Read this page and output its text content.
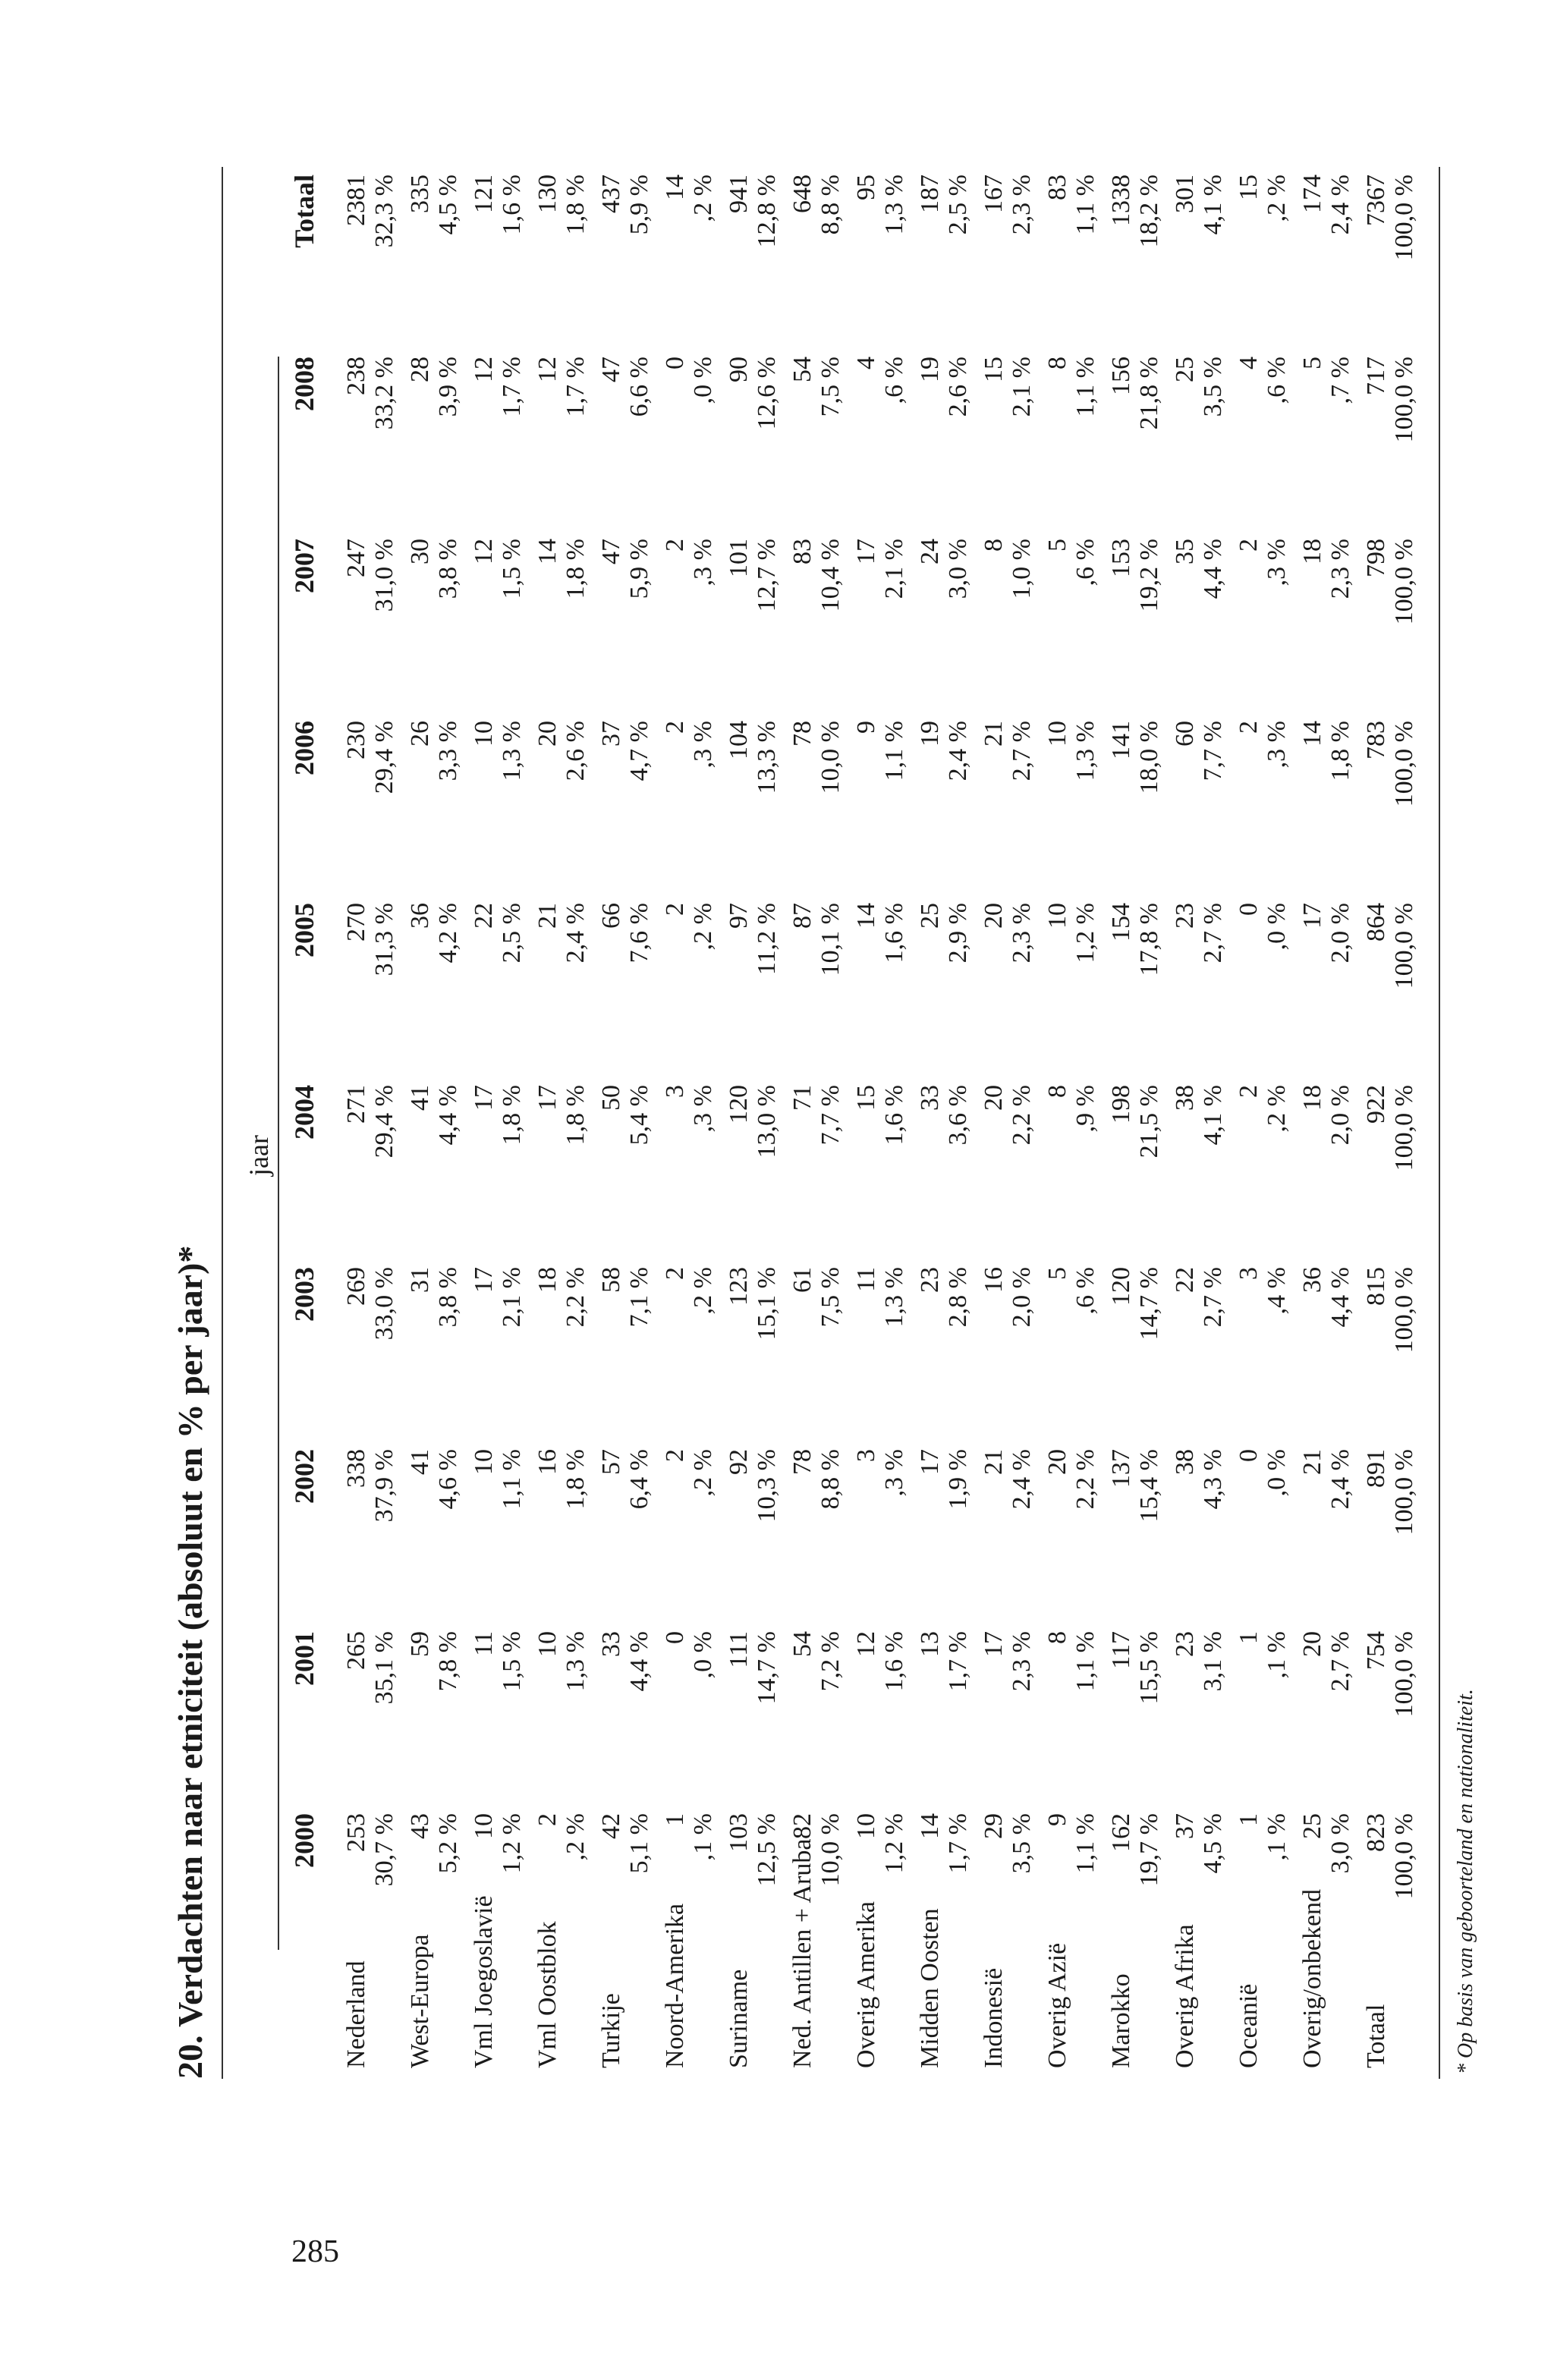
20. Verdachten naar etniciteit (absoluut en % per jaar)*
jaar
2000
2001
2002
2003
2004
2005
2006
2007
2008
Totaal
Nederland
253 30,7 %
265 35,1 %
338 37,9 %
269 33,0 %
271 29,4 %
270 31,3 %
230 29,4 %
247 31,0 %
238 33,2 %
2381 32,3 %
West-Europa
43 5,2 %
59 7,8 %
41 4,6 %
31 3,8 %
41 4,4 %
36 4,2 %
26 3,3 %
30 3,8 %
28 3,9 %
335 4,5 %
Vml Joegoslavië
10 1,2 %
11 1,5 %
10 1,1 %
17 2,1 %
17 1,8 %
22 2,5 %
10 1,3 %
12 1,5 %
12 1,7 %
121 1,6 %
Vml Oostblok
2 ,2 %
10 1,3 %
16 1,8 %
18 2,2 %
17 1,8 %
21 2,4 %
20 2,6 %
14 1,8 %
12 1,7 %
130 1,8 %
Turkije
42 5,1 %
33 4,4 %
57 6,4 %
58 7,1 %
50 5,4 %
66 7,6 %
37 4,7 %
47 5,9 %
47 6,6 %
437 5,9 %
Noord-Amerika
1 ,1 %
0 ,0 %
2 ,2 %
2 ,2 %
3 ,3 %
2 ,2 %
2 ,3 %
2 ,3 %
0 ,0 %
14 ,2 %
Suriname
103 12,5 %
111 14,7 %
92 10,3 %
123 15,1 %
120 13,0 %
97 11,2 %
104 13,3 %
101 12,7 %
90 12,6 %
941 12,8 %
Ned. Antillen + Aruba
82 10,0 %
54 7,2 %
78 8,8 %
61 7,5 %
71 7,7 %
87 10,1 %
78 10,0 %
83 10,4 %
54 7,5 %
648 8,8 %
Overig Amerika
10 1,2 %
12 1,6 %
3 ,3 %
11 1,3 %
15 1,6 %
14 1,6 %
9 1,1 %
17 2,1 %
4 ,6 %
95 1,3 %
Midden Oosten
14 1,7 %
13 1,7 %
17 1,9 %
23 2,8 %
33 3,6 %
25 2,9 %
19 2,4 %
24 3,0 %
19 2,6 %
187 2,5 %
Indonesië
29 3,5 %
17 2,3 %
21 2,4 %
16 2,0 %
20 2,2 %
20 2,3 %
21 2,7 %
8 1,0 %
15 2,1 %
167 2,3 %
Overig Azië
9 1,1 %
8 1,1 %
20 2,2 %
5 ,6 %
8 ,9 %
10 1,2 %
10 1,3 %
5 ,6 %
8 1,1 %
83 1,1 %
Marokko
162 19,7 %
117 15,5 %
137 15,4 %
120 14,7 %
198 21,5 %
154 17,8 %
141 18,0 %
153 19,2 %
156 21,8 %
1338 18,2 %
Overig Afrika
37 4,5 %
23 3,1 %
38 4,3 %
22 2,7 %
38 4,1 %
23 2,7 %
60 7,7 %
35 4,4 %
25 3,5 %
301 4,1 %
Oceanië
1 ,1 %
1 ,1 %
0 ,0 %
3 ,4 %
2 ,2 %
0 ,0 %
2 ,3 %
2 ,3 %
4 ,6 %
15 ,2 %
Overig/onbekend
25 3,0 %
20 2,7 %
21 2,4 %
36 4,4 %
18 2,0 %
17 2,0 %
14 1,8 %
18 2,3 %
5 ,7 %
174 2,4 %
Totaal
823 100,0 %
754 100,0 %
891 100,0 %
815 100,0 %
922 100,0 %
864 100,0 %
783 100,0 %
798 100,0 %
717 100,0 %
7367 100,0 %
* Op basis van geboorteland en nationaliteit.
285
